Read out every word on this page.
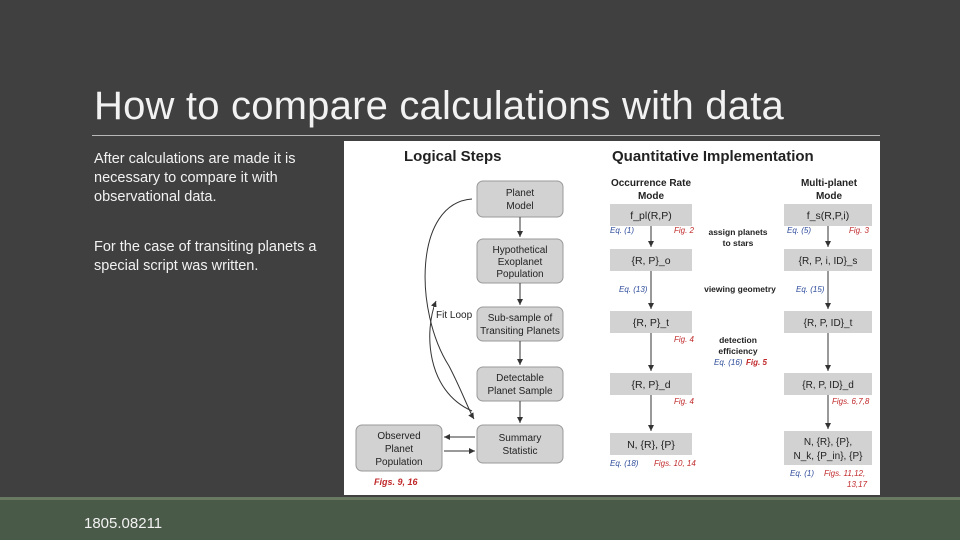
How to compare calculations with data
After calculations are made it is necessary to compare it with observational data.
For the case of transiting planets a special script was written.
Logical Steps	Quantitative Implementation
Planet
Model
Hypothetical
Exoplanet
Population
Sub-sample of
Transiting Planets
Detectable
Planet Sample
Summary
Statistic
Observed
Planet
Population
Figs. 9, 16
Fit Loop
Occurrence Rate
Mode
Multi-planet
Mode
f_pl(R,P)
{R, P}_o
{R, P}_t
{R, P}_d
N, {R}, {P}
f_s(R,P,i)
{R, P, i, ID}_s
{R, P, ID}_t
{R, P, ID}_d
N, {R}, {P},
N_k, {P_in}, {P}
assign planets
to stars
viewing geometry
detection
efficiency
Eq. (1)	Fig. 2	Eq. (5)	Fig. 3
Eq. (13)	Eq. (15)
Fig. 4
Eq. (16) Fig. 5
Fig. 4	Figs. 6,7,8
Eq. (18) Figs. 10, 14
Eq. (1) Figs. 11,12,
13,17
1805.08211
